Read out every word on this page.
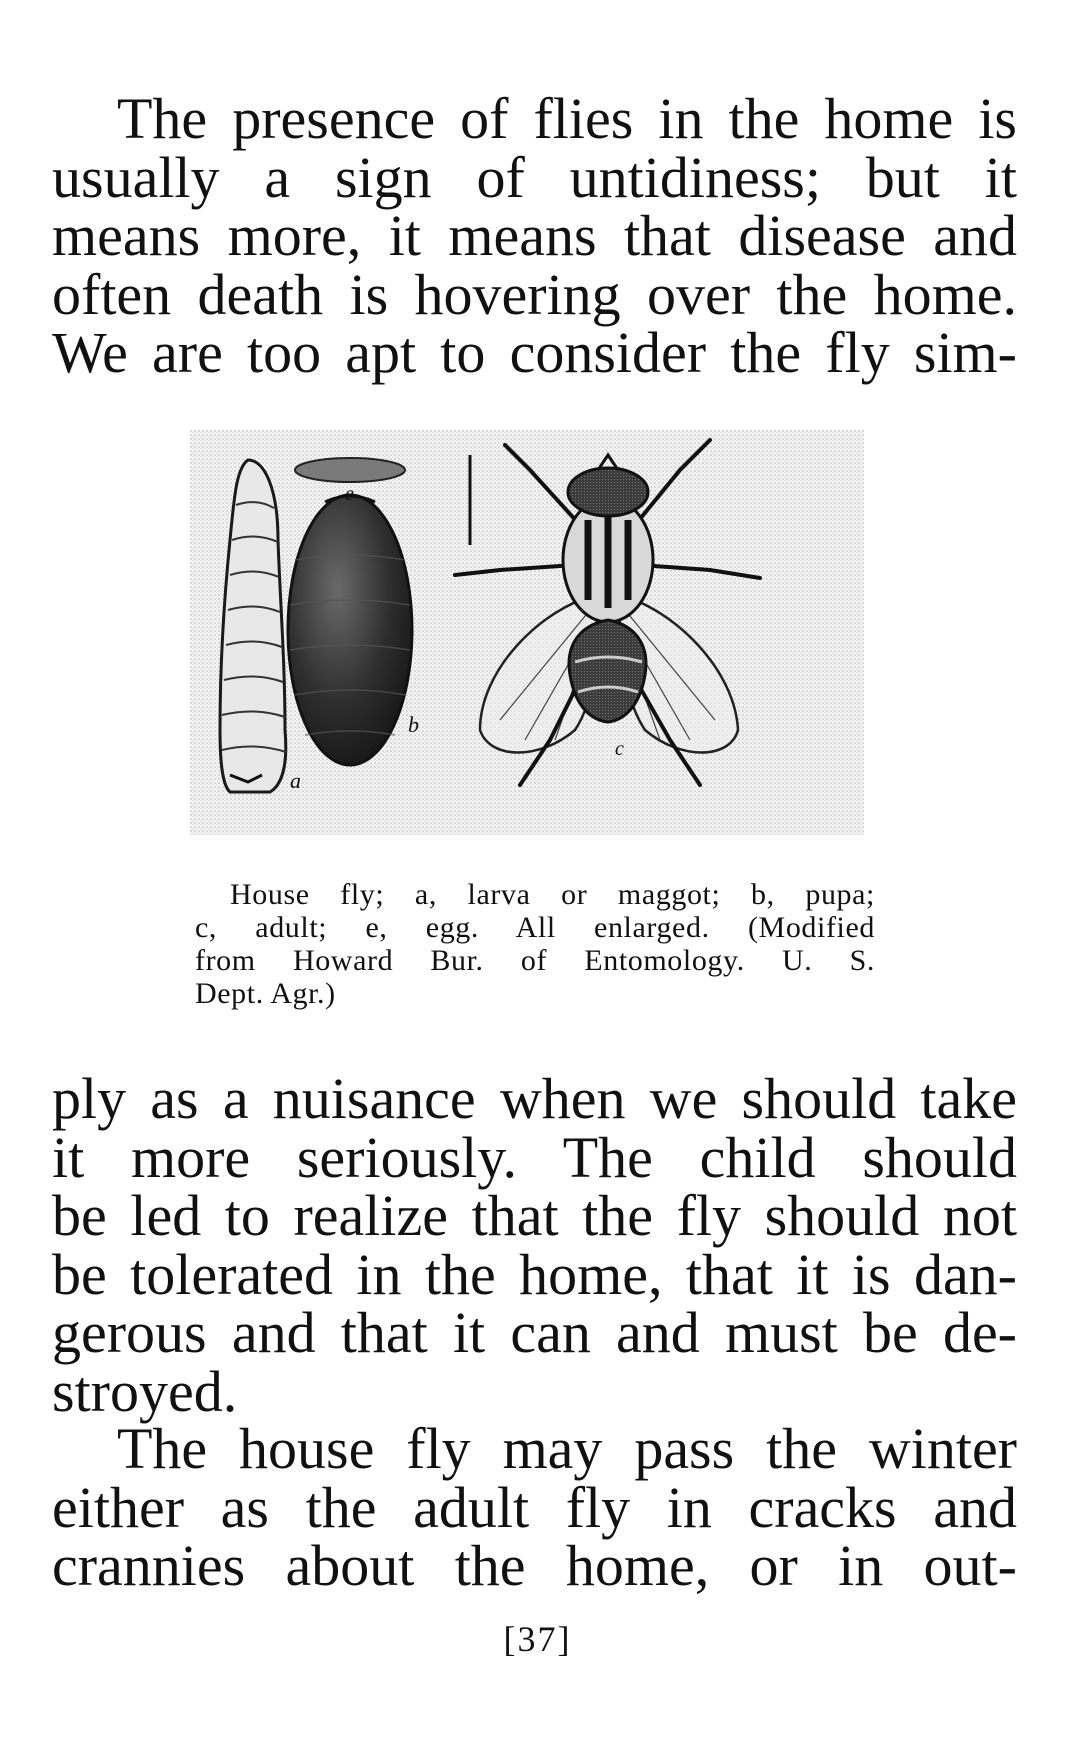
The presence of flies in the home is
usually a sign of untidiness; but it
means more, it means that disease and
often death is hovering over the home.
We are too apt to consider the fly sim-

a
b
c
e
House fly; a, larva or maggot; b, pupa;
c, adult; e, egg. All enlarged. (Modified
from Howard Bur. of Entomology. U. S.
Dept. Agr.)

ply as a nuisance when we should take
it more seriously. The child should
be led to realize that the fly should not
be tolerated in the home, that it is dan-
gerous and that it can and must be de-
stroyed.

The house fly may pass the winter
either as the adult fly in cracks and
crannies about the home, or in out-

[37]
